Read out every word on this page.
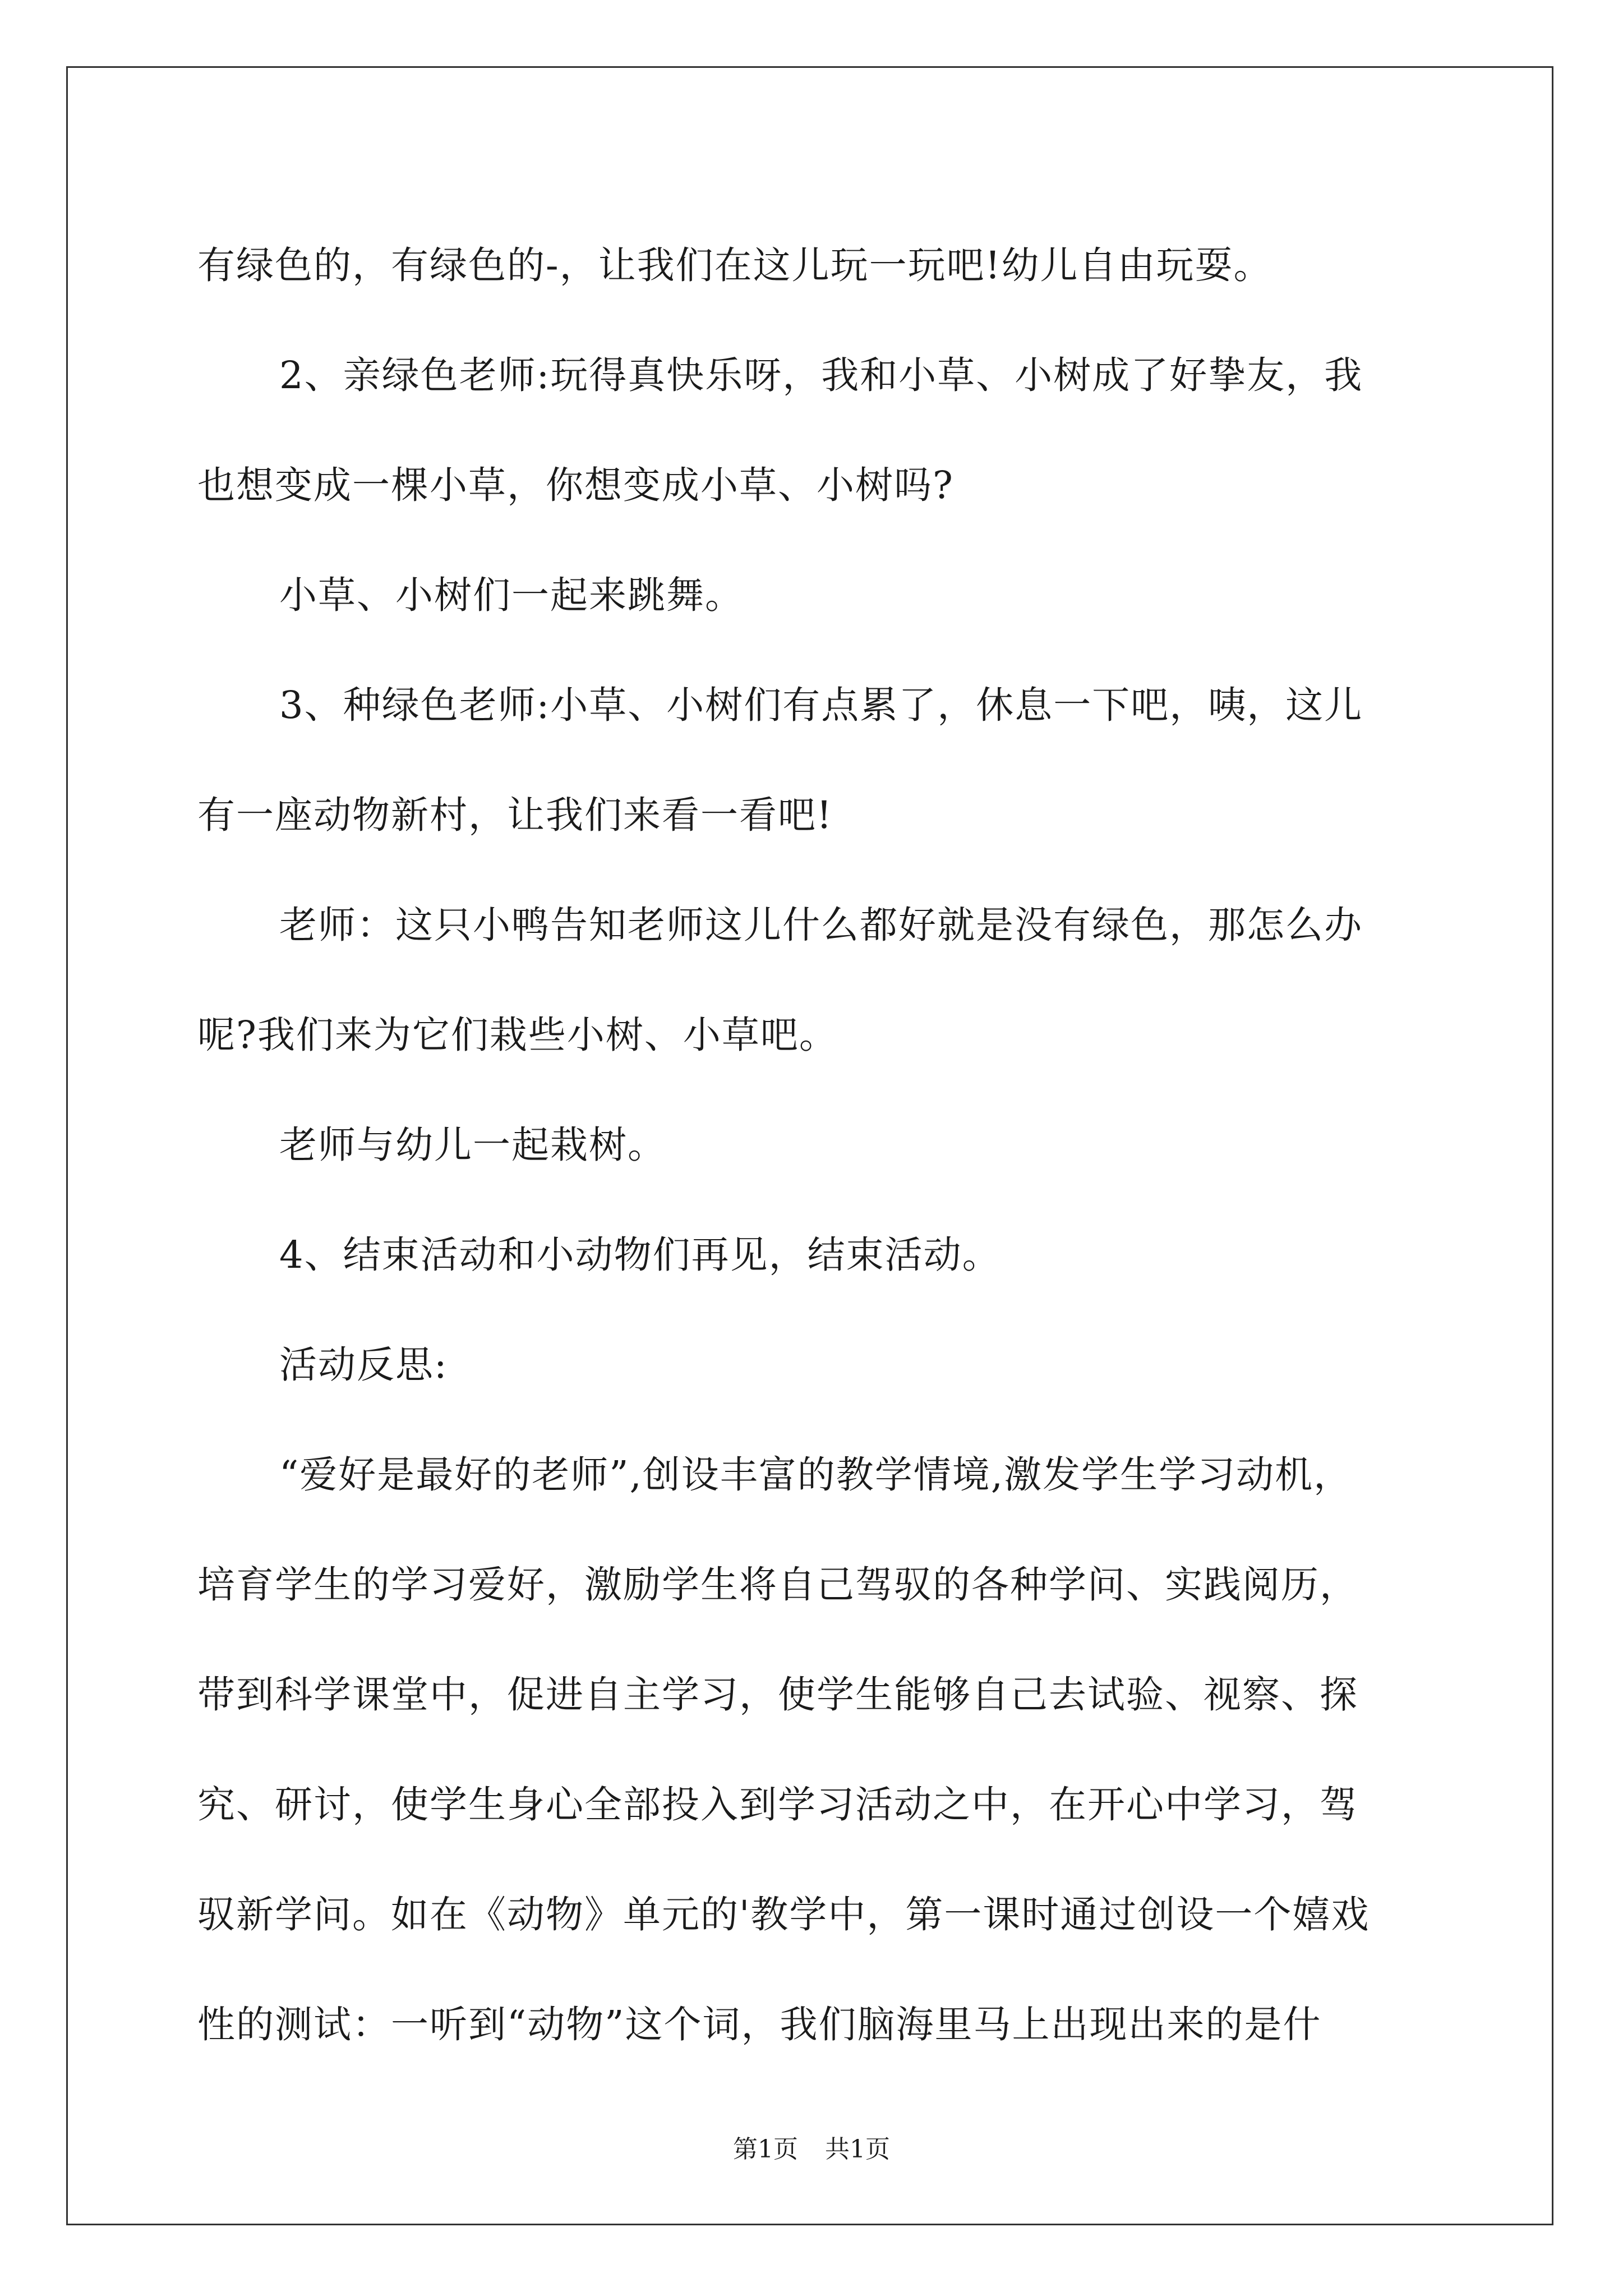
有绿色的，有绿色的-，让我们在这儿玩一玩吧!幼儿自由玩耍。
2、亲绿色老师:玩得真快乐呀，我和小草、小树成了好挚友，我
也想变成一棵小草，你想变成小草、小树吗?
小草、小树们一起来跳舞。
3、种绿色老师:小草、小树们有点累了，休息一下吧，咦，这儿
有一座动物新村，让我们来看一看吧!
老师：这只小鸭告知老师这儿什么都好就是没有绿色，那怎么办
呢?我们来为它们栽些小树、小草吧。
老师与幼儿一起栽树。
4、结束活动和小动物们再见，结束活动。
活动反思:
“爱好是最好的老师”,创设丰富的教学情境,激发学生学习动机，
培育学生的学习爱好，激励学生将自己驾驭的各种学问、实践阅历，
带到科学课堂中，促进自主学习，使学生能够自己去试验、视察、探
究、研讨，使学生身心全部投入到学习活动之中，在开心中学习，驾
驭新学问。如在《动物》单元的'教学中，第一课时通过创设一个嬉戏
性的测试：一听到“动物”这个词，我们脑海里马上出现出来的是什
第1页 共1页
